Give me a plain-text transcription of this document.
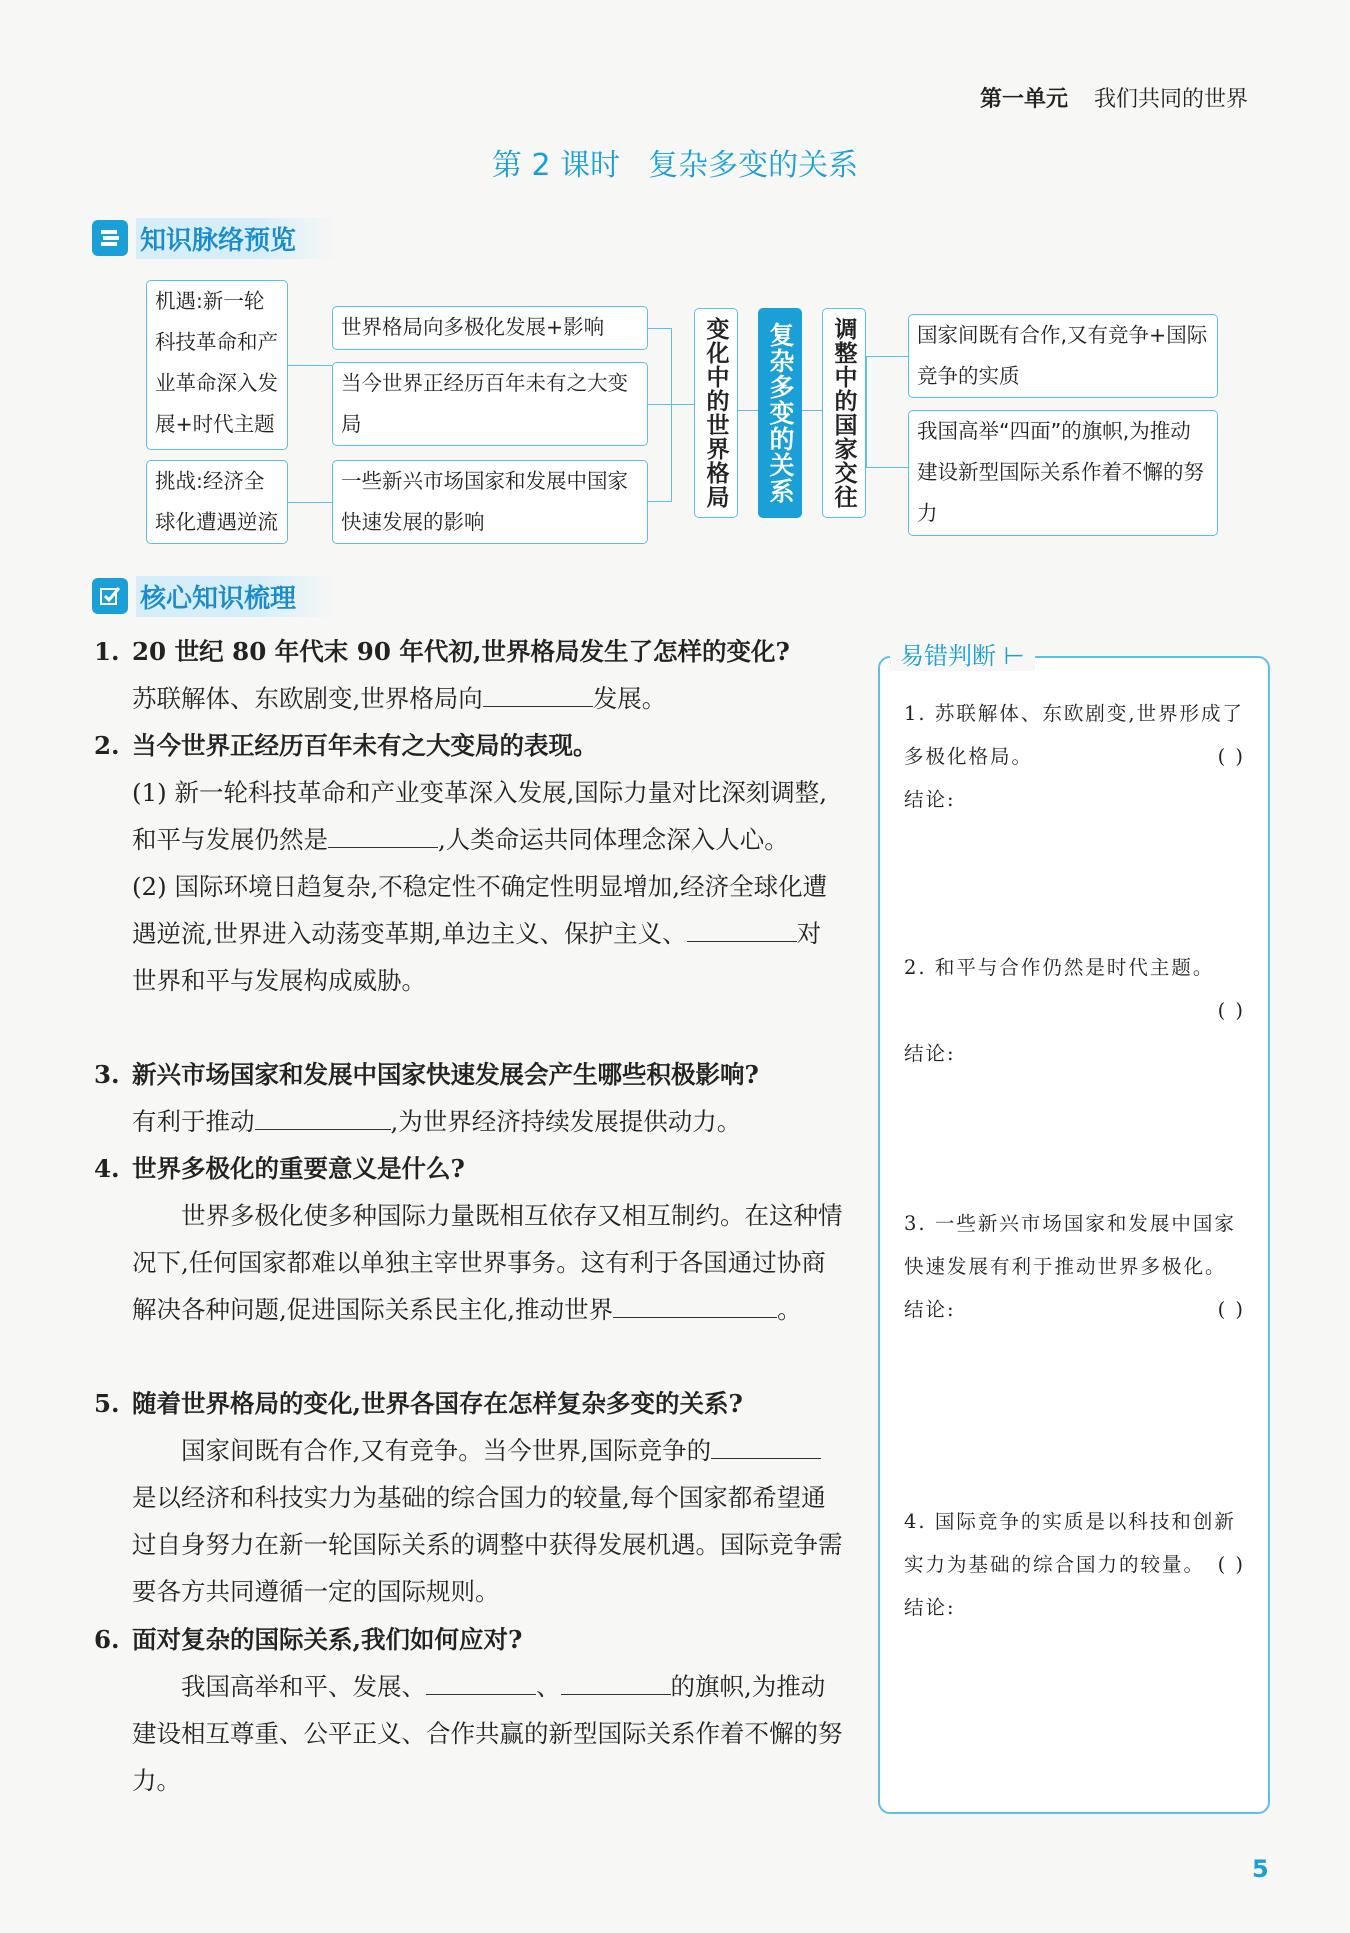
第一单元 我们共同的世界
第 2 课时 复杂多变的关系
知识脉络预览
机遇:新一轮科技革命和产业革命深入发展+时代主题
挑战:经济全球化遭遇逆流
世界格局向多极化发展+影响
当今世界正经历百年未有之大变局
一些新兴市场国家和发展中国家快速发展的影响
变化中的世界格局	复杂多变的关系	调整中的国家交往	国家间既有合作,又有竞争+国际竞争的实质
我国高举“四面”的旗帜,为推动建设新型国际关系作着不懈的努力
核心知识梳理
1. 20 世纪 80 年代末 90 年代初,世界格局发生了怎样的变化?
苏联解体、东欧剧变,世界格局向	发展。
2. 当今世界正经历百年未有之大变局的表现。
(1) 新一轮科技革命和产业变革深入发展,国际力量对比深刻调整,和平与发展仍然是	,人类命运共同体理念深入人心。
(2) 国际环境日趋复杂,不稳定性不确定性明显增加,经济全球化遭遇逆流,世界进入动荡变革期,单边主义、保护主义、	对世界和平与发展构成威胁。
3. 新兴市场国家和发展中国家快速发展会产生哪些积极影响?
有利于推动	,为世界经济持续发展提供动力。
4. 世界多极化的重要意义是什么?
世界多极化使多种国际力量既相互依存又相互制约。在这种情况下,任何国家都难以单独主宰世界事务。这有利于各国通过协商解决各种问题,促进国际关系民主化,推动世界	。
5. 随着世界格局的变化,世界各国存在怎样复杂多变的关系?
国家间既有合作,又有竞争。当今世界,国际竞争的是以经济和科技实力为基础的综合国力的较量,每个国家都希望通过自身努力在新一轮国际关系的调整中获得发展机遇。国际竞争需要各方共同遵循一定的国际规则。
6. 面对复杂的国际关系,我们如何应对?
我国高举和平、发展、	、	的旗帜,为推动建设相互尊重、公平正义、合作共赢的新型国际关系作着不懈的努力。
易错判断 ⊢
1. 苏联解体、东欧剧变,世界形成了多极化格局。	( )
结论:
2. 和平与合作仍然是时代主题。
( )
结论:
3. 一些新兴市场国家和发展中国家快速发展有利于推动世界多极化。
( )
结论:
4. 国际竞争的实质是以科技和创新实力为基础的综合国力的较量。 ( )
结论:
5
